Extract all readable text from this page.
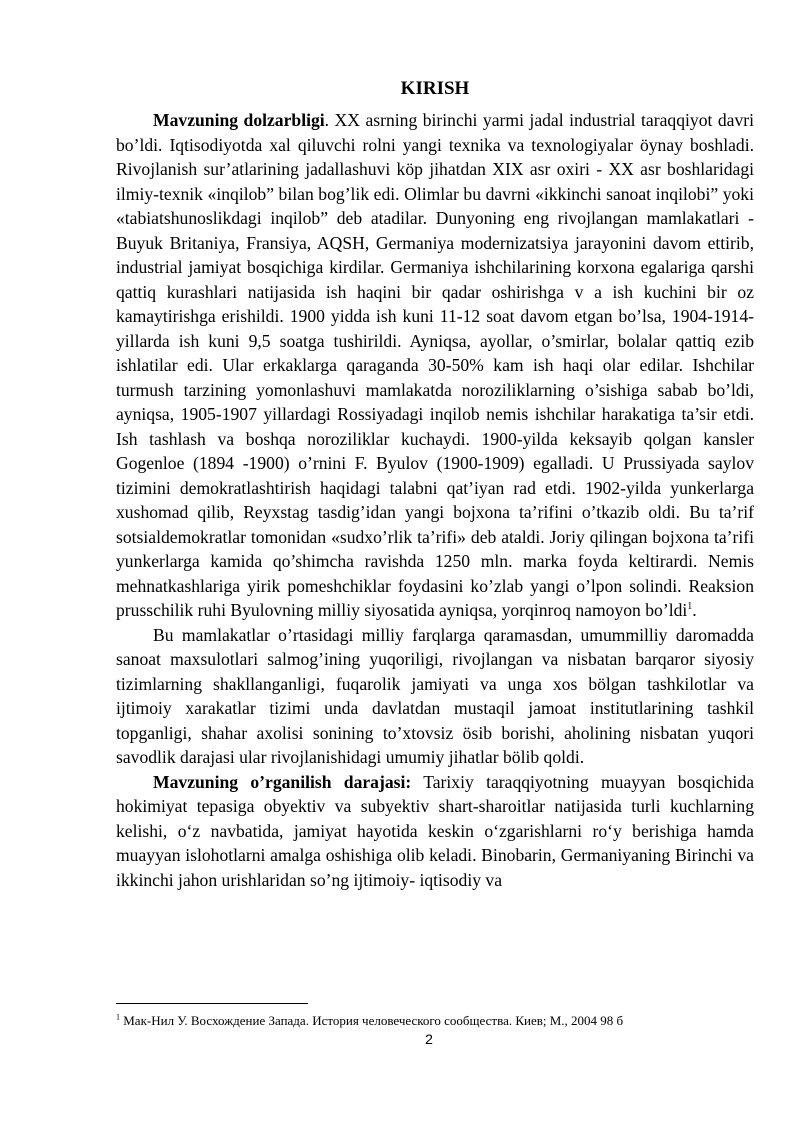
KIRISH

Mavzuning dolzarbligi. XX asrning birinchi yarmi jadal industrial taraqqiyot davri bo’ldi. Iqtisodiyotda xal qiluvchi rolni yangi texnika va texnologiyalar öynay boshladi. Rivojlanish sur’atlarining jadallashuvi köp jihatdan XIX asr oxiri - XX asr boshlaridagi ilmiy-texnik «inqilob” bilan bog’lik edi. Olimlar bu davrni «ikkinchi sanoat inqilobi” yoki «tabiatshunoslikdagi inqilob” deb atadilar. Dunyoning eng rivojlangan mamlakatlari - Buyuk Britaniya, Fransiya, AQSH, Germaniya modernizatsiya jarayonini davom ettirib, industrial jamiyat bosqichiga kirdilar. Germaniya ishchilarining korxona egalariga qarshi qattiq kurashlari natijasida ish haqini bir qadar oshirishga v a ish kuchini bir oz kamaytirishga erishildi. 1900 yidda ish kuni 11-12 soat davom etgan bo’lsa, 1904-1914-yillarda ish kuni 9,5 soatga tushirildi. Ayniqsa, ayollar, o’smirlar, bolalar qattiq ezib ishlatilar edi. Ular erkaklarga qaraganda 30-50% kam ish haqi olar edilar. Ishchilar turmush tarzining yomonlashuvi mamlakatda noroziliklarning o’sishiga sabab bo’ldi, ayniqsa, 1905-1907 yillardagi Rossiyadagi inqilob nemis ishchilar harakatiga ta’sir etdi. Ish tashlash va boshqa noroziliklar kuchaydi. 1900-yilda keksayib qolgan kansler Gogenloe (1894 -1900) o’rnini F. Byulov (1900-1909) egalladi. U Prussiyada saylov tizimini demokratlashtirish haqidagi talabni qat’iyan rad etdi. 1902-yilda yunkerlarga xushomad qilib, Reyxstag tasdig’idan yangi bojxona ta’rifini o’tkazib oldi. Bu ta’rif sotsialdemokratlar tomonidan «sudxo’rlik ta’rifi» deb ataldi. Joriy qilingan bojxona ta’rifi yunkerlarga kamida qo’shimcha ravishda 1250 mln. marka foyda keltirardi. Nemis mehnatkashlariga yirik pomeshchiklar foydasini ko’zlab yangi o’lpon solindi. Reaksion prusschilik ruhi Byulovning milliy siyosatida ayniqsa, yorqinroq namoyon bo’ldi$^1$.

Bu mamlakatlar o’rtasidagi milliy farqlarga qaramasdan, umummilliy daromadda sanoat maxsulotlari salmog’ining yuqoriligi, rivojlangan va nisbatan barqaror siyosiy tizimlarning shakllanganligi, fuqarolik jamiyati va unga xos bölgan tashkilotlar va ijtimoiy xarakatlar tizimi unda davlatdan mustaqil jamoat institutlarining tashkil topganligi, shahar axolisi sonining to’xtovsiz ösib borishi, aholining nisbatan yuqori savodlik darajasi ular rivojlanishidagi umumiy jihatlar bölib qoldi.

Mavzuning o’rganilish darajasi: Tarixiy taraqqiyotning muayyan bosqichida hokimiyat tepasiga obyektiv va subyektiv shart-sharoitlar natijasida turli kuchlarning kelishi, o‘z navbatida, jamiyat hayotida keskin o‘zgarishlarni ro‘y berishiga hamda muayyan islohotlarni amalga oshishiga olib keladi. Binobarin, Germaniyaning Birinchi va ikkinchi jahon urishlaridan so’ng ijtimoiy- iqtisodiy va

$^1$ Мак-Нил У. Восхождение Запада. История человеческого сообщества. Киев; М., 2004 98 б
2
